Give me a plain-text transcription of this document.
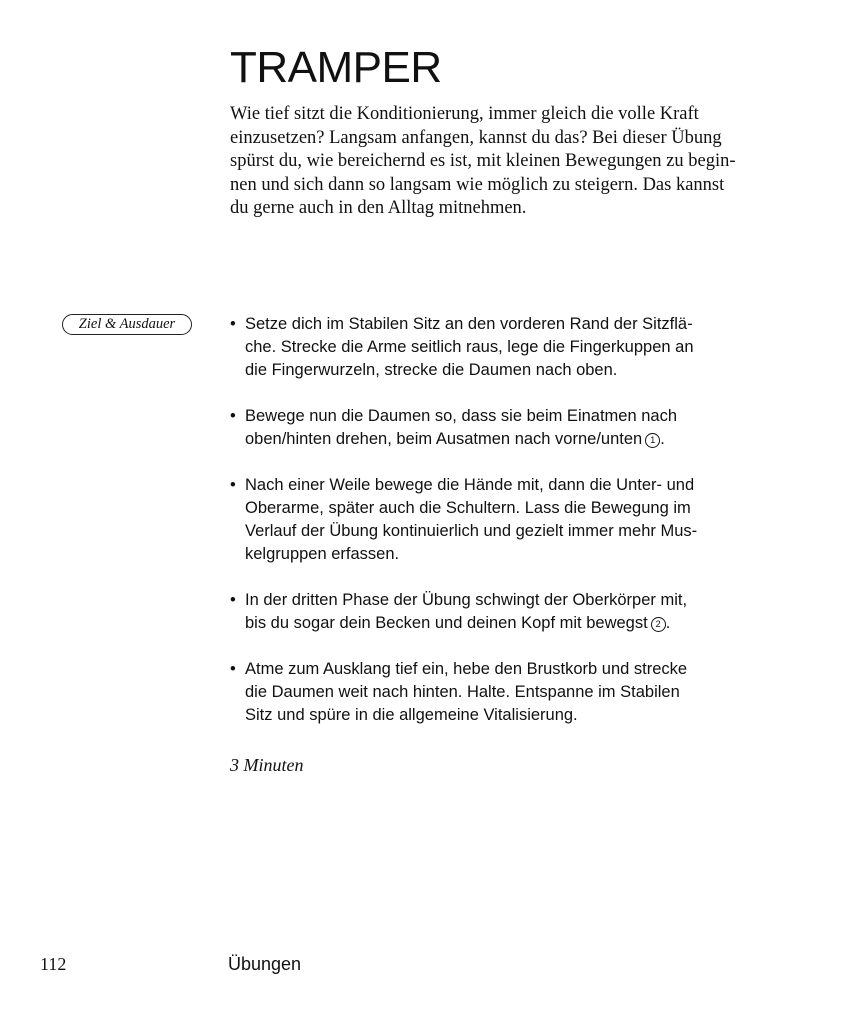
TRAMPER
Wie tief sitzt die Konditionierung, immer gleich die volle Kraft
einzusetzen? Langsam anfangen, kannst du das? Bei dieser Übung
spürst du, wie bereichernd es ist, mit kleinen Bewegungen zu begin-
nen und sich dann so langsam wie möglich zu steigern. Das kannst
du gerne auch in den Alltag mitnehmen.
Ziel & Ausdauer	• Setze dich im Stabilen Sitz an den vorderen Rand der Sitzflä-
che. Strecke die Arme seitlich raus, lege die Fingerkuppen an
die Fingerwurzeln, strecke die Daumen nach oben.
• Bewege nun die Daumen so, dass sie beim Einatmen nach
oben/hinten drehen, beim Ausatmen nach vorne/unten 1 .
• Nach einer Weile bewege die Hände mit, dann die Unter- und
Oberarme, später auch die Schultern. Lass die Bewegung im
Verlauf der Übung kontinuierlich und gezielt immer mehr Mus-
kelgruppen erfassen.
• In der dritten Phase der Übung schwingt der Oberkörper mit,
bis du sogar dein Becken und deinen Kopf mit bewegst 2 .
• Atme zum Ausklang tief ein, hebe den Brustkorb und strecke
die Daumen weit nach hinten. Halte. Entspanne im Stabilen
Sitz und spüre in die allgemeine Vitalisierung.

3 Minuten

112	Übungen
